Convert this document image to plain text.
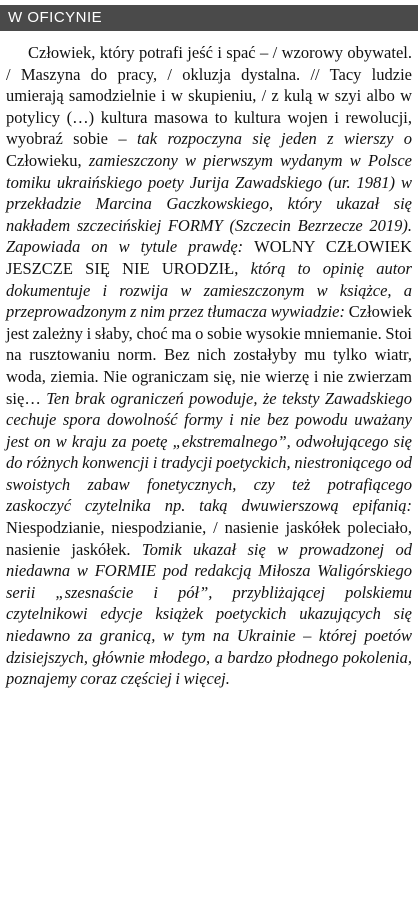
W OFICYNIE

Człowiek, który potrafi jeść i spać – / wzorowy obywatel. / Maszyna do pracy, / okluzja dystalna. // Tacy ludzie umierają samodzielnie i w skupieniu, / z kulą w szyi albo w potylicy (…) kultura masowa to kultura wojen i rewolucji, wyobraź sobie – tak rozpoczyna się jeden z wierszy o Człowieku, zamieszczony w pierwszym wydanym w Polsce tomiku ukraińskiego poety Jurija Zawadskiego (ur. 1981) w przekładzie Marcina Gaczkowskiego, który ukazał się nakładem szczecińskiej FORMY (Szczecin Bezrzecze 2019). Zapowiada on w tytule prawdę: WOLNY CZŁOWIEK JESZCZE SIĘ NIE URODZIŁ, którą to opinię autor dokumentuje i rozwija w zamieszczonym w książce, a przeprowadzonym z nim przez tłumacza wywiadzie: Człowiek jest zależny i słaby, choć ma o sobie wysokie mniemanie. Stoi na rusztowaniu norm. Bez nich zostałyby mu tylko wiatr, woda, ziemia. Nie ograniczam się, nie wierzę i nie zwierzam się… Ten brak ograniczeń powoduje, że teksty Zawadskiego cechuje spora dowolność formy i nie bez powodu uważany jest on w kraju za poetę „ekstremalnego”, odwołującego się do różnych konwencji i tradycji poetyckich, niestroniącego od swoistych zabaw fonetycznych, czy też potrafiącego zaskoczyć czytelnika np. taką dwuwierszową epifanią: Niespodzianie, niespodzianie, / nasienie jaskółek poleciało, nasienie jaskółek. Tomik ukazał się w prowadzonej od niedawna w FORMIE pod redakcją Miłosza Waligórskiego serii „szesnaście i pół”, przybliżającej polskiemu czytelnikowi edycje książek poetyckich ukazujących się niedawno za granicą, w tym na Ukrainie – której poetów dzisiejszych, głównie młodego, a bardzo płodnego pokolenia, poznajemy coraz częściej i więcej.
